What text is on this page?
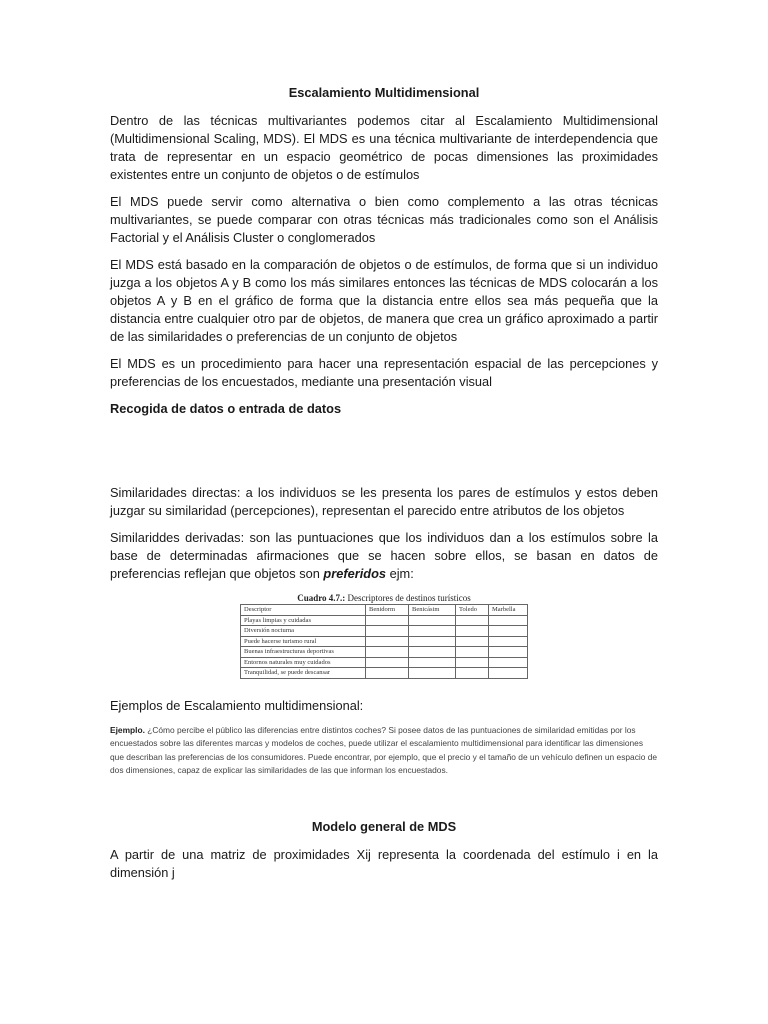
Escalamiento Multidimensional

Dentro de las técnicas multivariantes podemos citar al Escalamiento Multidimensional (Multidimensional Scaling, MDS). El MDS es una técnica multivariante de interdependencia que trata de representar en un espacio geométrico de pocas dimensiones las proximidades existentes entre un conjunto de objetos o de estímulos

El MDS puede servir como alternativa o bien como complemento a las otras técnicas multivariantes, se puede comparar con otras técnicas más tradicionales como son el Análisis Factorial y el Análisis Cluster o conglomerados

El MDS está basado en la comparación de objetos o de estímulos, de forma que si un individuo juzga a los objetos A y B como los más similares entonces las técnicas de MDS colocarán a los objetos A y B en el gráfico de forma que la distancia entre ellos sea más pequeña que la distancia entre cualquier otro par de objetos, de manera que crea un gráfico aproximado a partir de las similaridades o preferencias de un conjunto de objetos

El MDS es un procedimiento para hacer una representación espacial de las percepciones y preferencias de los encuestados, mediante una presentación visual

Recogida de datos o entrada de datos

Similaridades directas: a los individuos se les presenta los pares de estímulos y estos deben juzgar su similaridad (percepciones), representan el parecido entre atributos de los objetos

Similariddes derivadas: son las puntuaciones que los individuos dan a los estímulos sobre la base de determinadas afirmaciones que se hacen sobre ellos, se basan en datos de preferencias reflejan que objetos son preferidos ejm:

Cuadro 4.7.: Descriptores de destinos turísticos
Descriptor	Benidorm	Benicásim	Toledo	Marbella
Playas limpias y cuidadas				
Diversión nocturna				
Puede hacerse turismo rural				
Buenas infraestructuras deportivas				
Entornos naturales muy cuidados				
Tranquilidad, se puede descansar				

Ejemplos de Escalamiento multidimensional:

Ejemplo. ¿Cómo percibe el público las diferencias entre distintos coches? Si posee datos de las puntuaciones de similaridad emitidas por los encuestados sobre las diferentes marcas y modelos de coches, puede utilizar el escalamiento multidimensional para identificar las dimensiones que describan las preferencias de los consumidores. Puede encontrar, por ejemplo, que el precio y el tamaño de un vehículo definen un espacio de dos dimensiones, capaz de explicar las similaridades de las que informan los encuestados.
Modelo general de MDS

A partir de una matriz de proximidades Xij representa la coordenada del estímulo i en la dimensión j
